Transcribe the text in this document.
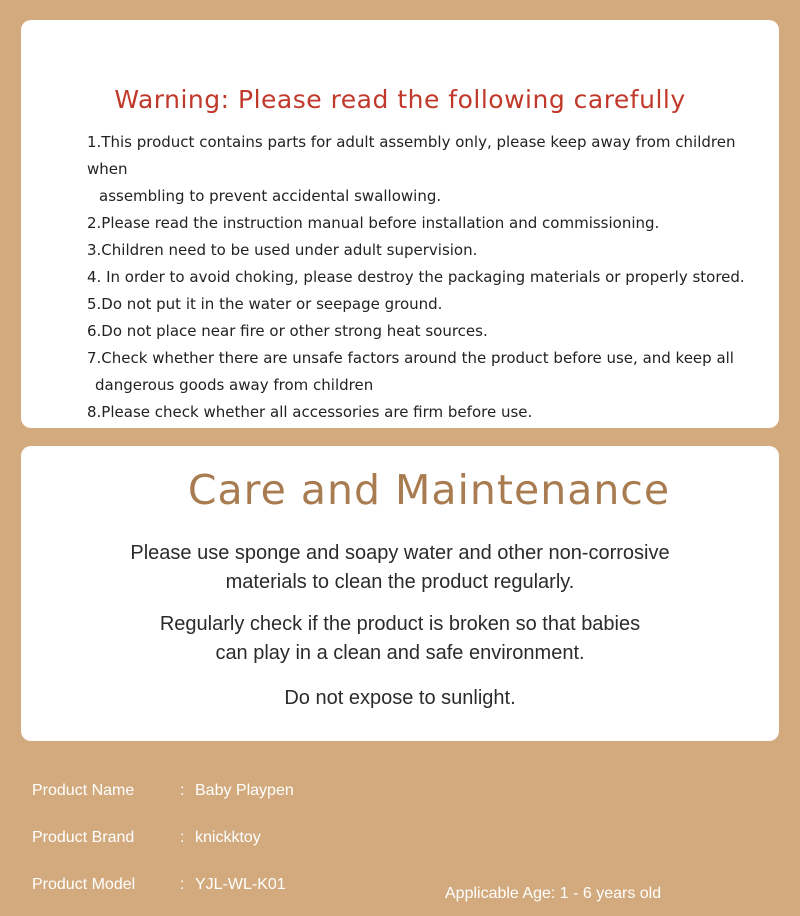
Warning: Please read the following carefully
1.This product contains parts for adult assembly only, please keep away from children when
assembling to prevent accidental swallowing.
2.Please read the instruction manual before installation and commissioning.
3.Children need to be used under adult supervision.
4. In order to avoid choking, please destroy the packaging materials or properly stored.
5.Do not put it in the water or seepage ground.
6.Do not place near fire or other strong heat sources.
7.Check whether there are unsafe factors around the product before use, and keep all
dangerous goods away from children
8.Please check whether all accessories are firm before use.
Care and Maintenance

Please use sponge and soapy water and other non-corrosive
materials to clean the product regularly.

Regularly check if the product is broken so that babies
can play in a clean and safe environment.

Do not expose to sunlight.

Product Name	: Baby Playpen
Product Brand	: knickktoy
Product Model	: YJL-WL-K01
Applicable Age: 1 - 6 years old
